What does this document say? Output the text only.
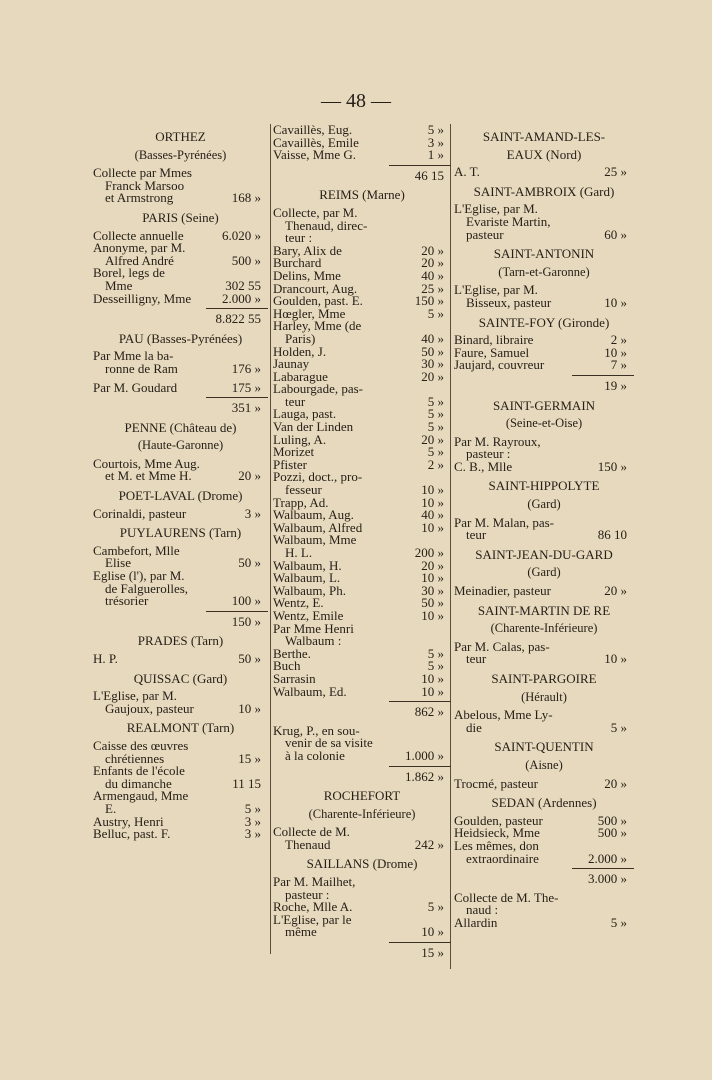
— 48 —
ORTHEZ
(Basses-Pyrénées)
Collecte par Mmes
Franck Marsoo
et Armstrong	168 »
PARIS (Seine)
Collecte annuelle	6.020 »
Anonyme, par M.
Alfred André	500 »
Borel, legs de
Mme	302 55
Desseilligny, Mme	2.000 »
8.822 55
PAU (Basses-Pyrénées)
Par Mme la ba-
ronne de Ram	176 »
Par M. Goudard	175 »
351 »
PENNE (Château de)
(Haute-Garonne)
Courtois, Mme Aug.
et M. et Mme H.	20 »
POET-LAVAL (Drome)
Corinaldi, pasteur	3 »
PUYLAURENS (Tarn)
Cambefort, Mlle
Elise	50 »
Eglise (l'), par M.
de Falguerolles,
trésorier	100 »
150 »
PRADES (Tarn)
H. P.	50 »
QUISSAC (Gard)
L'Eglise, par M.
Gaujoux, pasteur	10 »
REALMONT (Tarn)
Caisse des œuvres
chrétiennes	15 »
Enfants de l'école
du dimanche	11 15
Armengaud, Mme
E.	5 »
Austry, Henri	3 »
Belluc, past. F.	3 »
Cavaillès, Eug.	5 »
Cavaillès, Emile	3 »
Vaisse, Mme G.	1 »
46 15
REIMS (Marne)
Collecte, par M.
Thenaud, direc-
teur :
Bary, Alix de	20 »
Burchard	20 »
Delins, Mme	40 »
Drancourt, Aug.	25 »
Goulden, past. E.	150 »
Hœgler, Mme	5 »
Harley, Mme (de
Paris)	40 »
Holden, J.	50 »
Jaunay	30 »
Labarague	20 »
Labourgade, pas-
teur	5 »
Lauga, past.	5 »
Van der Linden	5 »
Luling, A.	20 »
Morizet	5 »
Pfister	2 »
Pozzi, doct., pro-
fesseur	10 »
Trapp, Ad.	10 »
Walbaum, Aug.	40 »
Walbaum, Alfred	10 »
Walbaum, Mme
H. L.	200 »
Walbaum, H.	20 »
Walbaum, L.	10 »
Walbaum, Ph.	30 »
Wentz, E.	50 »
Wentz, Emile	10 »
Par Mme Henri
Walbaum :
Berthe.	5 »
Buch	5 »
Sarrasin	10 »
Walbaum, Ed.	10 »
862 »
Krug, P., en sou-
venir de sa visite
à la colonie	1.000 »
1.862 »
ROCHEFORT
(Charente-Inférieure)
Collecte de M.
Thenaud	242 »
SAILLANS (Drome)
Par M. Mailhet,
pasteur :
Roche, Mlle A.	5 »
L'Eglise, par le
même	10 »
15 »
SAINT-AMAND-LES-
EAUX (Nord)
A. T.	25 »
SAINT-AMBROIX (Gard)
L'Eglise, par M.
Evariste Martin,
pasteur	60 »
SAINT-ANTONIN
(Tarn-et-Garonne)
L'Eglise, par M.
Bisseux, pasteur	10 »
SAINTE-FOY (Gironde)
Binard, libraire	2 »
Faure, Samuel	10 »
Jaujard, couvreur	7 »
19 »
SAINT-GERMAIN
(Seine-et-Oise)
Par M. Rayroux,
pasteur :
C. B., Mlle	150 »
SAINT-HIPPOLYTE
(Gard)
Par M. Malan, pas-
teur	86 10
SAINT-JEAN-DU-GARD
(Gard)
Meinadier, pasteur	20 »
SAINT-MARTIN DE RE
(Charente-Inférieure)
Par M. Calas, pas-
teur	10 »
SAINT-PARGOIRE
(Hérault)
Abelous, Mme Ly-
die	5 »
SAINT-QUENTIN
(Aisne)
Trocmé, pasteur	20 »
SEDAN (Ardennes)
Goulden, pasteur	500 »
Heidsieck, Mme	500 »
Les mêmes, don
extraordinaire	2.000 »
3.000 »
Collecte de M. The-
naud :
Allardin	5 »
